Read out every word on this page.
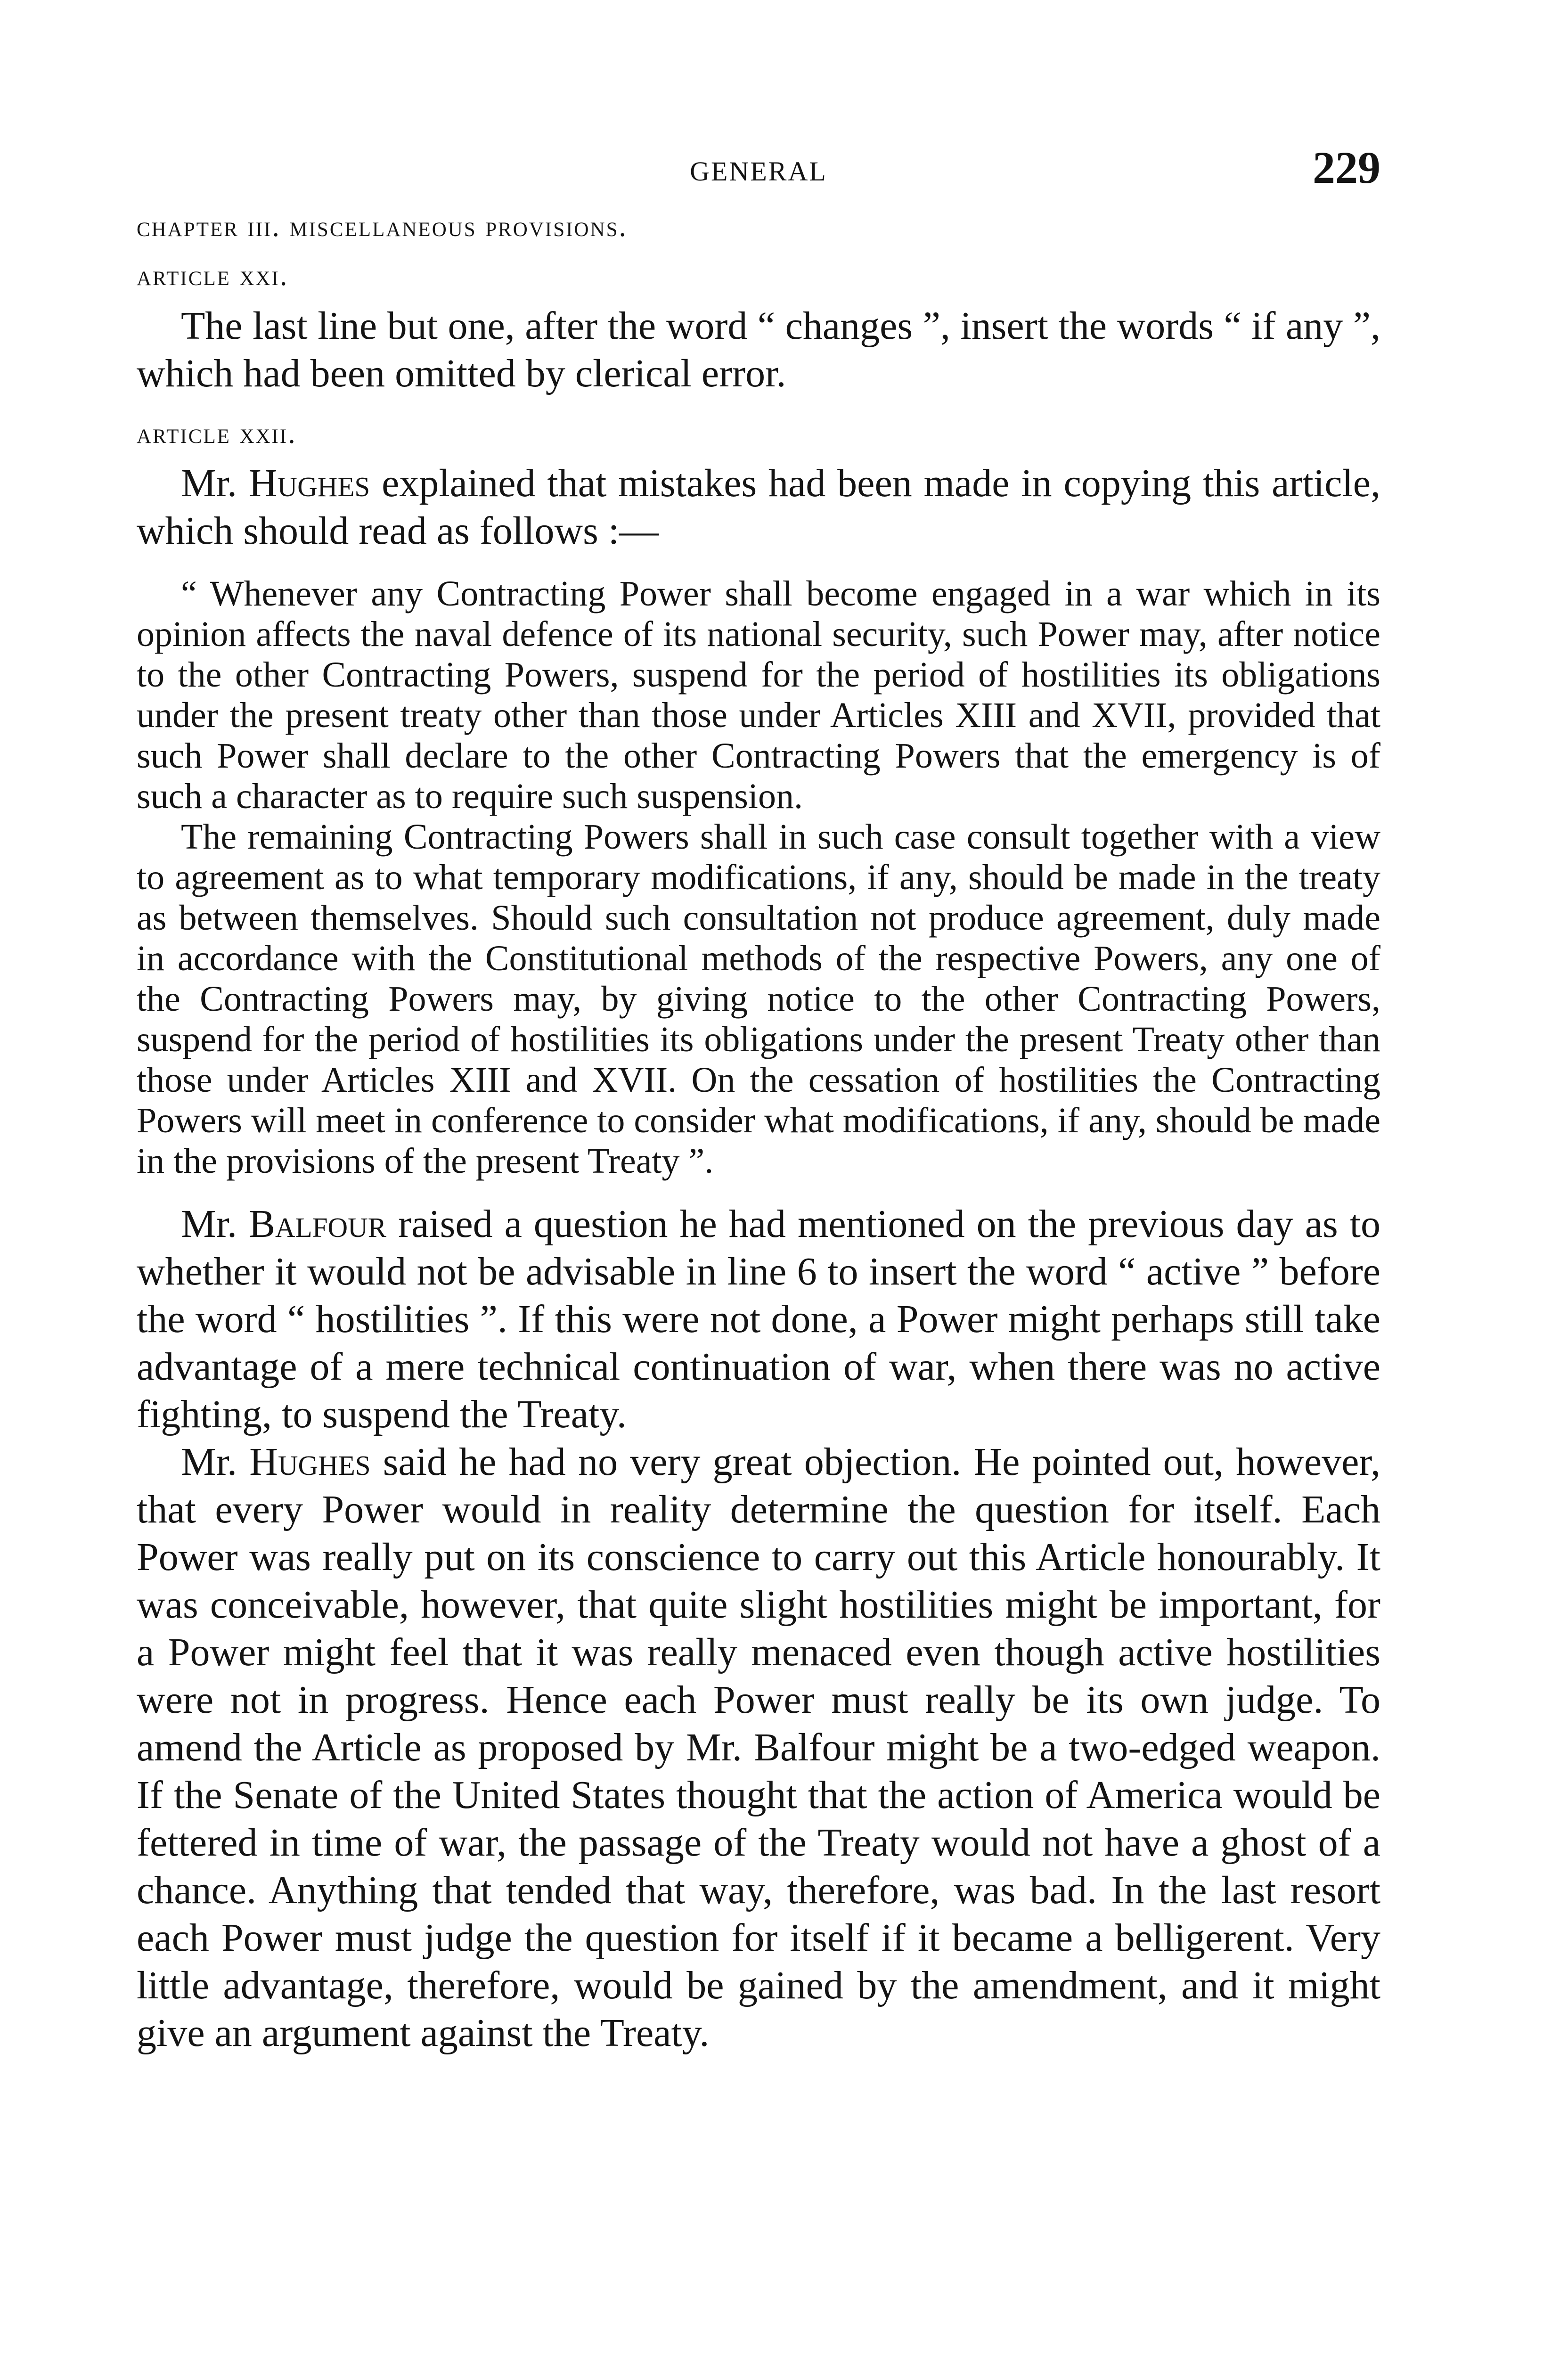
GENERAL	229
chapter iii. miscellaneous provisions.
article xxi.

The last line but one, after the word “ changes ”, insert the words “ if any ”, which had been omitted by clerical error.

article xxii.

Mr. Hughes explained that mistakes had been made in copying this article, which should read as follows :—

“ Whenever any Contracting Power shall become engaged in a war which in its opinion affects the naval defence of its national security, such Power may, after notice to the other Contracting Powers, suspend for the period of hostilities its obligations under the present treaty other than those under Articles XIII and XVII, provided that such Power shall declare to the other Contracting Powers that the emergency is of such a character as to require such suspension.

The remaining Contracting Powers shall in such case consult together with a view to agreement as to what temporary modifications, if any, should be made in the treaty as between themselves. Should such consultation not produce agreement, duly made in accordance with the Constitutional methods of the respective Powers, any one of the Contracting Powers may, by giving notice to the other Contracting Powers, suspend for the period of hostilities its obligations under the present Treaty other than those under Articles XIII and XVII. On the cessation of hostilities the Contracting Powers will meet in conference to consider what modifications, if any, should be made in the provisions of the present Treaty ”.

Mr. Balfour raised a question he had mentioned on the previous day as to whether it would not be advisable in line 6 to insert the word “ active ” before the word “ hostilities ”. If this were not done, a Power might perhaps still take advantage of a mere technical continuation of war, when there was no active fighting, to suspend the Treaty.

Mr. Hughes said he had no very great objection. He pointed out, however, that every Power would in reality determine the question for itself. Each Power was really put on its conscience to carry out this Article honourably. It was conceivable, however, that quite slight hostilities might be important, for a Power might feel that it was really menaced even though active hostilities were not in progress. Hence each Power must really be its own judge. To amend the Article as proposed by Mr. Balfour might be a two-edged weapon. If the Senate of the United States thought that the action of America would be fettered in time of war, the passage of the Treaty would not have a ghost of a chance. Anything that tended that way, therefore, was bad. In the last resort each Power must judge the question for itself if it became a belligerent. Very little advantage, therefore, would be gained by the amendment, and it might give an argument against the Treaty.
